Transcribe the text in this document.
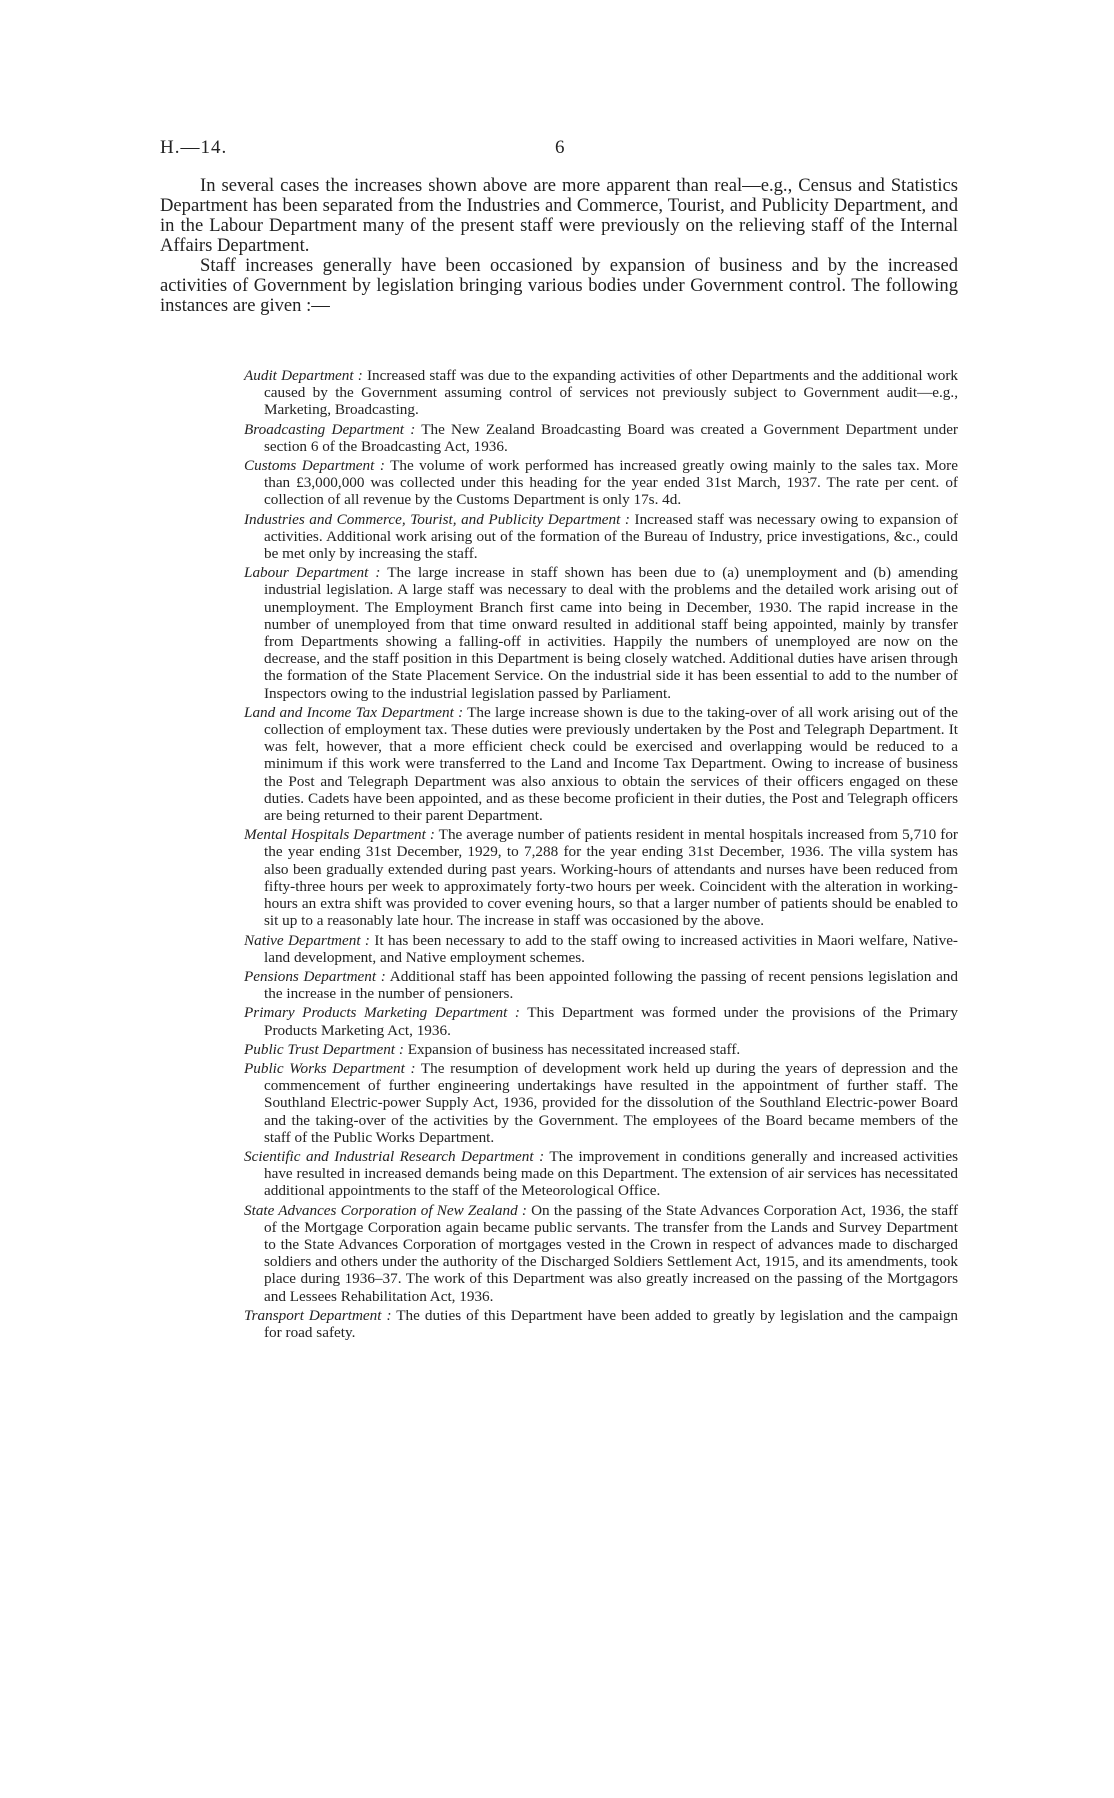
H.—14.	6

In several cases the increases shown above are more apparent than real—e.g., Census and Statistics Department has been separated from the Industries and Commerce, Tourist, and Publicity Department, and in the Labour Department many of the present staff were previously on the relieving staff of the Internal Affairs Department.

Staff increases generally have been occasioned by expansion of business and by the increased activities of Government by legislation bringing various bodies under Government control. The following instances are given :—

Audit Department : Increased staff was due to the expanding activities of other Departments and the additional work caused by the Government assuming control of services not previously subject to Government audit—e.g., Marketing, Broadcasting.

Broadcasting Department : The New Zealand Broadcasting Board was created a Government Department under section 6 of the Broadcasting Act, 1936.

Customs Department : The volume of work performed has increased greatly owing mainly to the sales tax. More than £3,000,000 was collected under this heading for the year ended 31st March, 1937. The rate per cent. of collection of all revenue by the Customs Department is only 17s. 4d.

Industries and Commerce, Tourist, and Publicity Department : Increased staff was necessary owing to expansion of activities. Additional work arising out of the formation of the Bureau of Industry, price investigations, &c., could be met only by increasing the staff.

Labour Department : The large increase in staff shown has been due to (a) unemployment and (b) amending industrial legislation. A large staff was necessary to deal with the problems and the detailed work arising out of unemployment. The Employment Branch first came into being in December, 1930. The rapid increase in the number of unemployed from that time onward resulted in additional staff being appointed, mainly by transfer from Departments showing a falling-off in activities. Happily the numbers of unemployed are now on the decrease, and the staff position in this Department is being closely watched. Additional duties have arisen through the formation of the State Placement Service. On the industrial side it has been essential to add to the number of Inspectors owing to the industrial legislation passed by Parliament.

Land and Income Tax Department : The large increase shown is due to the taking-over of all work arising out of the collection of employment tax. These duties were previously undertaken by the Post and Telegraph Department. It was felt, however, that a more efficient check could be exercised and overlapping would be reduced to a minimum if this work were transferred to the Land and Income Tax Department. Owing to increase of business the Post and Telegraph Department was also anxious to obtain the services of their officers engaged on these duties. Cadets have been appointed, and as these become proficient in their duties, the Post and Telegraph officers are being returned to their parent Department.

Mental Hospitals Department : The average number of patients resident in mental hospitals increased from 5,710 for the year ending 31st December, 1929, to 7,288 for the year ending 31st December, 1936. The villa system has also been gradually extended during past years. Working-hours of attendants and nurses have been reduced from fifty-three hours per week to approximately forty-two hours per week. Coincident with the alteration in working-hours an extra shift was provided to cover evening hours, so that a larger number of patients should be enabled to sit up to a reasonably late hour. The increase in staff was occasioned by the above.

Native Department : It has been necessary to add to the staff owing to increased activities in Maori welfare, Native-land development, and Native employment schemes.

Pensions Department : Additional staff has been appointed following the passing of recent pensions legislation and the increase in the number of pensioners.

Primary Products Marketing Department : This Department was formed under the provisions of the Primary Products Marketing Act, 1936.

Public Trust Department : Expansion of business has necessitated increased staff.

Public Works Department : The resumption of development work held up during the years of depression and the commencement of further engineering undertakings have resulted in the appointment of further staff. The Southland Electric-power Supply Act, 1936, provided for the dissolution of the Southland Electric-power Board and the taking-over of the activities by the Government. The employees of the Board became members of the staff of the Public Works Department.

Scientific and Industrial Research Department : The improvement in conditions generally and increased activities have resulted in increased demands being made on this Department. The extension of air services has necessitated additional appointments to the staff of the Meteorological Office.

State Advances Corporation of New Zealand : On the passing of the State Advances Corporation Act, 1936, the staff of the Mortgage Corporation again became public servants. The transfer from the Lands and Survey Department to the State Advances Corporation of mortgages vested in the Crown in respect of advances made to discharged soldiers and others under the authority of the Discharged Soldiers Settlement Act, 1915, and its amendments, took place during 1936–37. The work of this Department was also greatly increased on the passing of the Mortgagors and Lessees Rehabilitation Act, 1936.

Transport Department : The duties of this Department have been added to greatly by legislation and the campaign for road safety.
